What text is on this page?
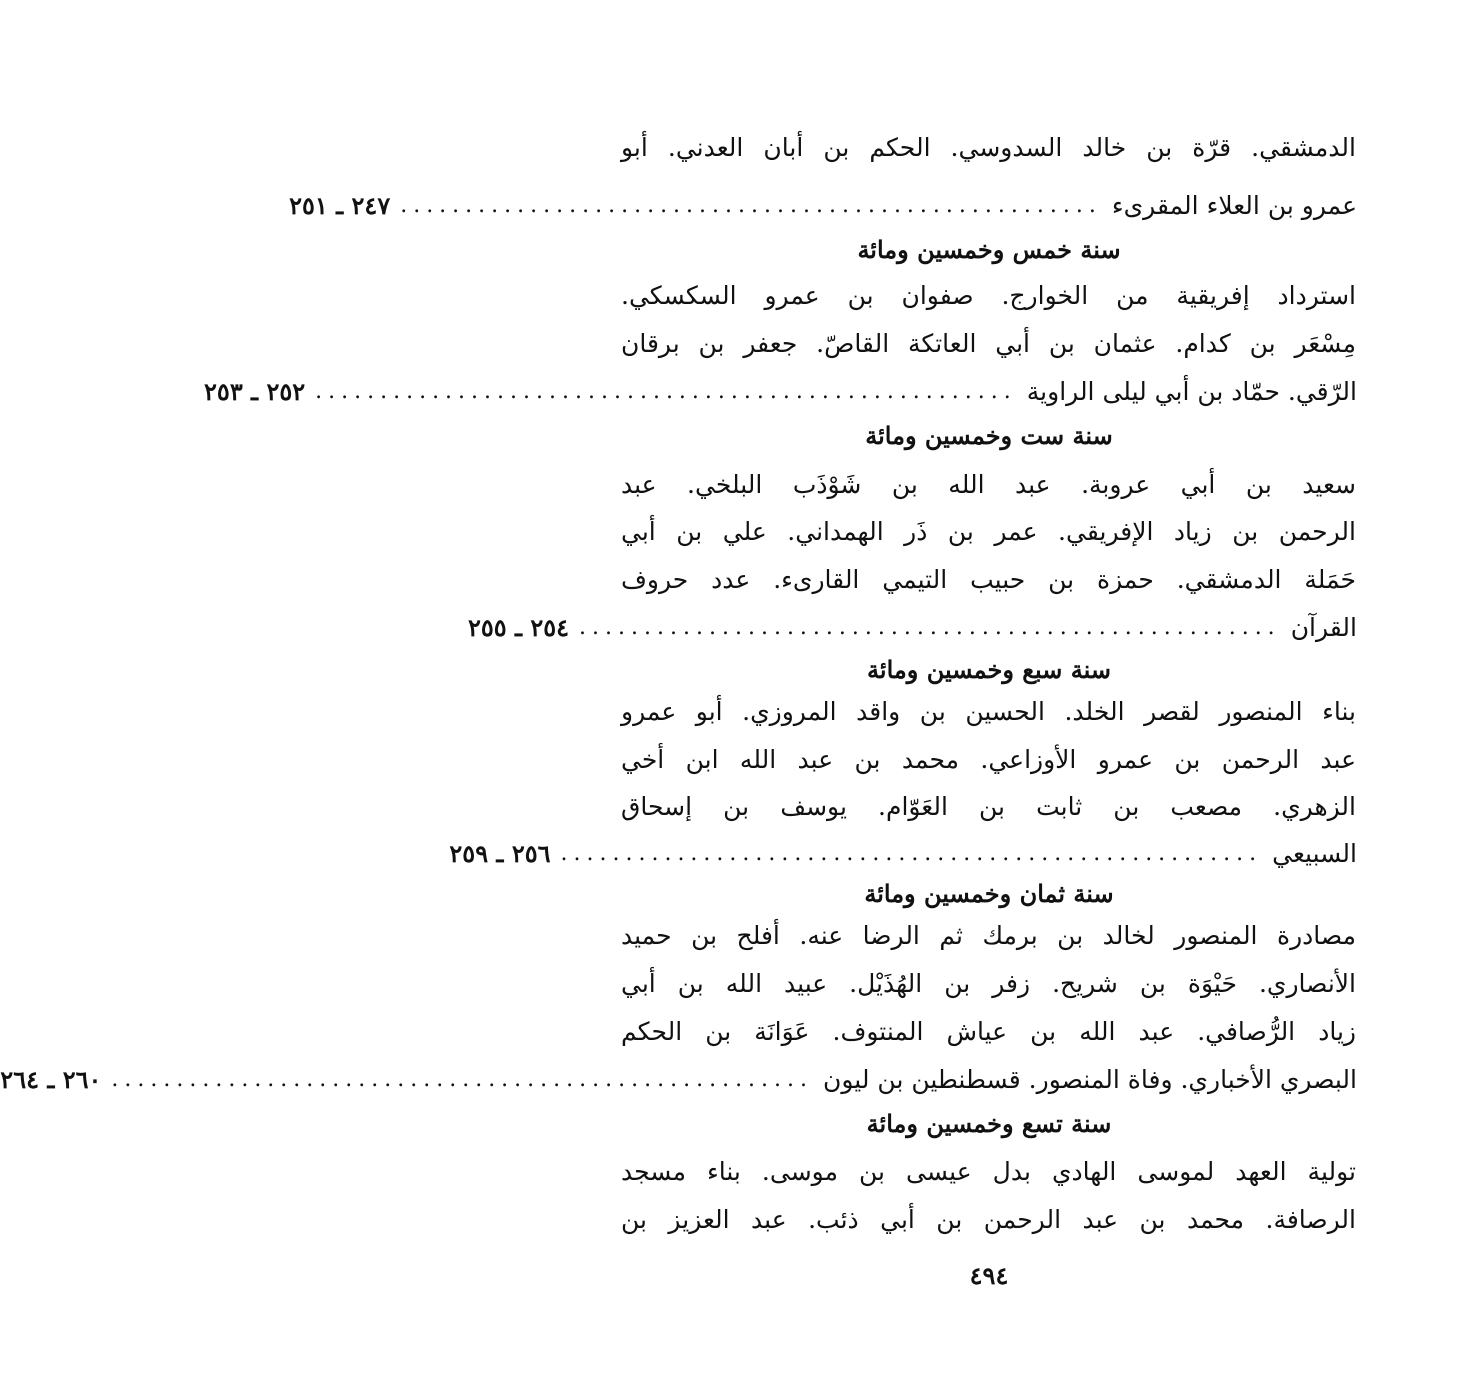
الدمشقي. قرّة بن خالد السدوسي. الحكم بن أبان العدني. أبو
عمرو بن العلاء المقرىء
......................................................
٢٤٧ ـ ٢٥١
سنة خمس وخمسين ومائة
استرداد إفريقية من الخوارج. صفوان بن عمرو السكسكي.
مِسْعَر بن كدام. عثمان بن أبي العاتكة القاصّ. جعفر بن برقان
الرّقي. حمّاد بن أبي ليلى الراوية
......................................................
٢٥٢ ـ ٢٥٣
سنة ست وخمسين ومائة
سعيد بن أبي عروبة. عبد الله بن شَوْذَب البلخي. عبد
الرحمن بن زياد الإفريقي. عمر بن ذَر الهمداني. علي بن أبي
حَمَلة الدمشقي. حمزة بن حبيب التيمي القارىء. عدد حروف
القرآن
......................................................
٢٥٤ ـ ٢٥٥
سنة سبع وخمسين ومائة
بناء المنصور لقصر الخلد. الحسين بن واقد المروزي. أبو عمرو
عبد الرحمن بن عمرو الأوزاعي. محمد بن عبد الله ابن أخي
الزهري. مصعب بن ثابت بن العَوّام. يوسف بن إسحاق
السبيعي
......................................................
٢٥٦ ـ ٢٥٩
سنة ثمان وخمسين ومائة
مصادرة المنصور لخالد بن برمك ثم الرضا عنه. أفلح بن حميد
الأنصاري. حَيْوَة بن شريح. زفر بن الهُذَيْل. عبيد الله بن أبي
زياد الرُّصافي. عبد الله بن عياش المنتوف. عَوَانَة بن الحكم
البصري الأخباري. وفاة المنصور. قسطنطين بن ليون
......................................................
٢٦٠ ـ ٢٦٤
سنة تسع وخمسين ومائة
تولية العهد لموسى الهادي بدل عيسى بن موسى. بناء مسجد
الرصافة. محمد بن عبد الرحمن بن أبي ذئب. عبد العزيز بن
٤٩٤
